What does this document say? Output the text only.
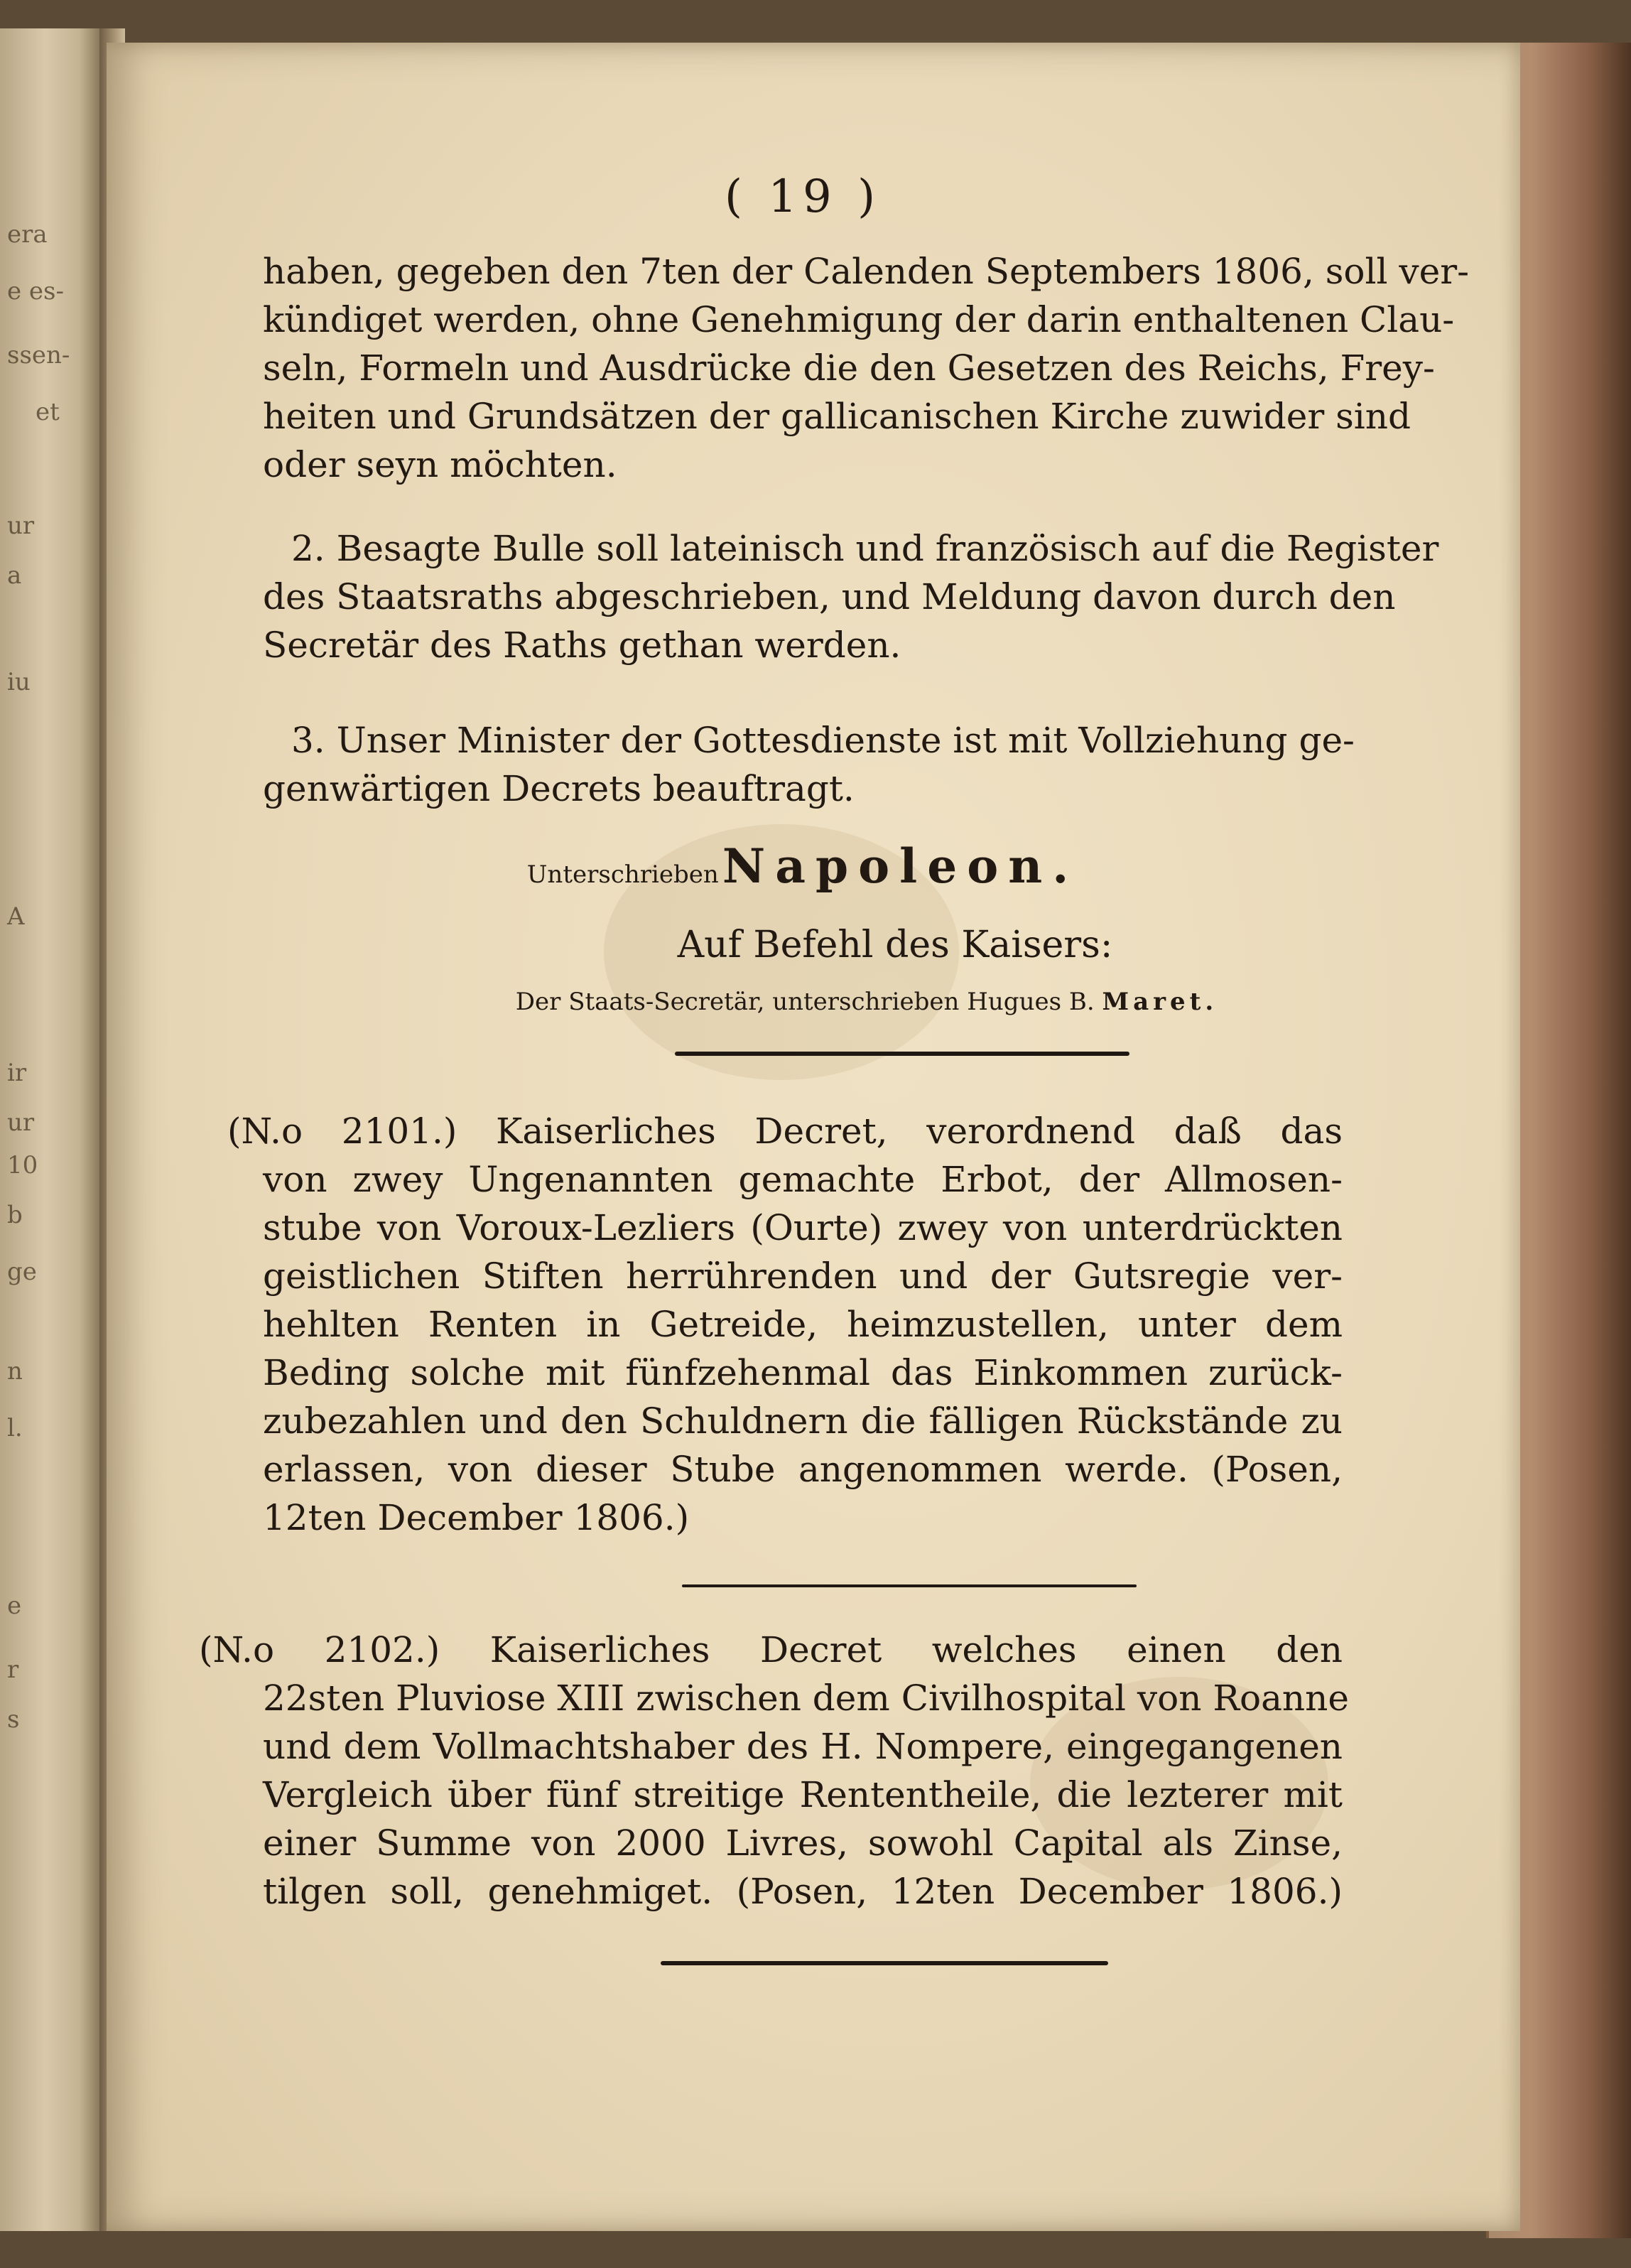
era
e es-
ssen-
et
ur
a
iu
A
ir
ur
10
b
ge
n
l.
e
r
s
( 19 )
haben, gegeben den 7ten der Calenden Septembers 1806, soll ver-
kündiget werden, ohne Genehmigung der darin enthaltenen Clau-
seln, Formeln und Ausdrücke die den Gesetzen des Reichs, Frey-
heiten und Grundsätzen der gallicanischen Kirche zuwider sind
oder seyn möchten.
2. Besagte Bulle soll lateinisch und französisch auf die Register
des Staatsraths abgeschrieben, und Meldung davon durch den
Secretär des Raths gethan werden.
3. Unser Minister der Gottesdienste ist mit Vollziehung ge-
genwärtigen Decrets beauftragt.
Unterschrieben Napoleon.
Auf Befehl des Kaisers:
Der Staats-Secretär, unterschrieben Hugues B. Maret.
(N.o 2101.) Kaiserliches Decret, verordnend daß das
von zwey Ungenannten gemachte Erbot, der Allmosen-
stube von Voroux-Lezliers (Ourte) zwey von unterdrückten
geistlichen Stiften herrührenden und der Gutsregie ver-
hehlten Renten in Getreide, heimzustellen, unter dem
Beding solche mit fünfzehenmal das Einkommen zurück-
zubezahlen und den Schuldnern die fälligen Rückstände zu
erlassen, von dieser Stube angenommen werde. (Posen,
12ten December 1806.)
(N.o 2102.) Kaiserliches Decret welches einen den
22sten Pluviose XIII zwischen dem Civilhospital von Roanne
und dem Vollmachtshaber des H. Nompere, eingegangenen
Vergleich über fünf streitige Rententheile, die lezterer mit
einer Summe von 2000 Livres, sowohl Capital als Zinse,
tilgen soll, genehmiget. (Posen, 12ten December 1806.)
